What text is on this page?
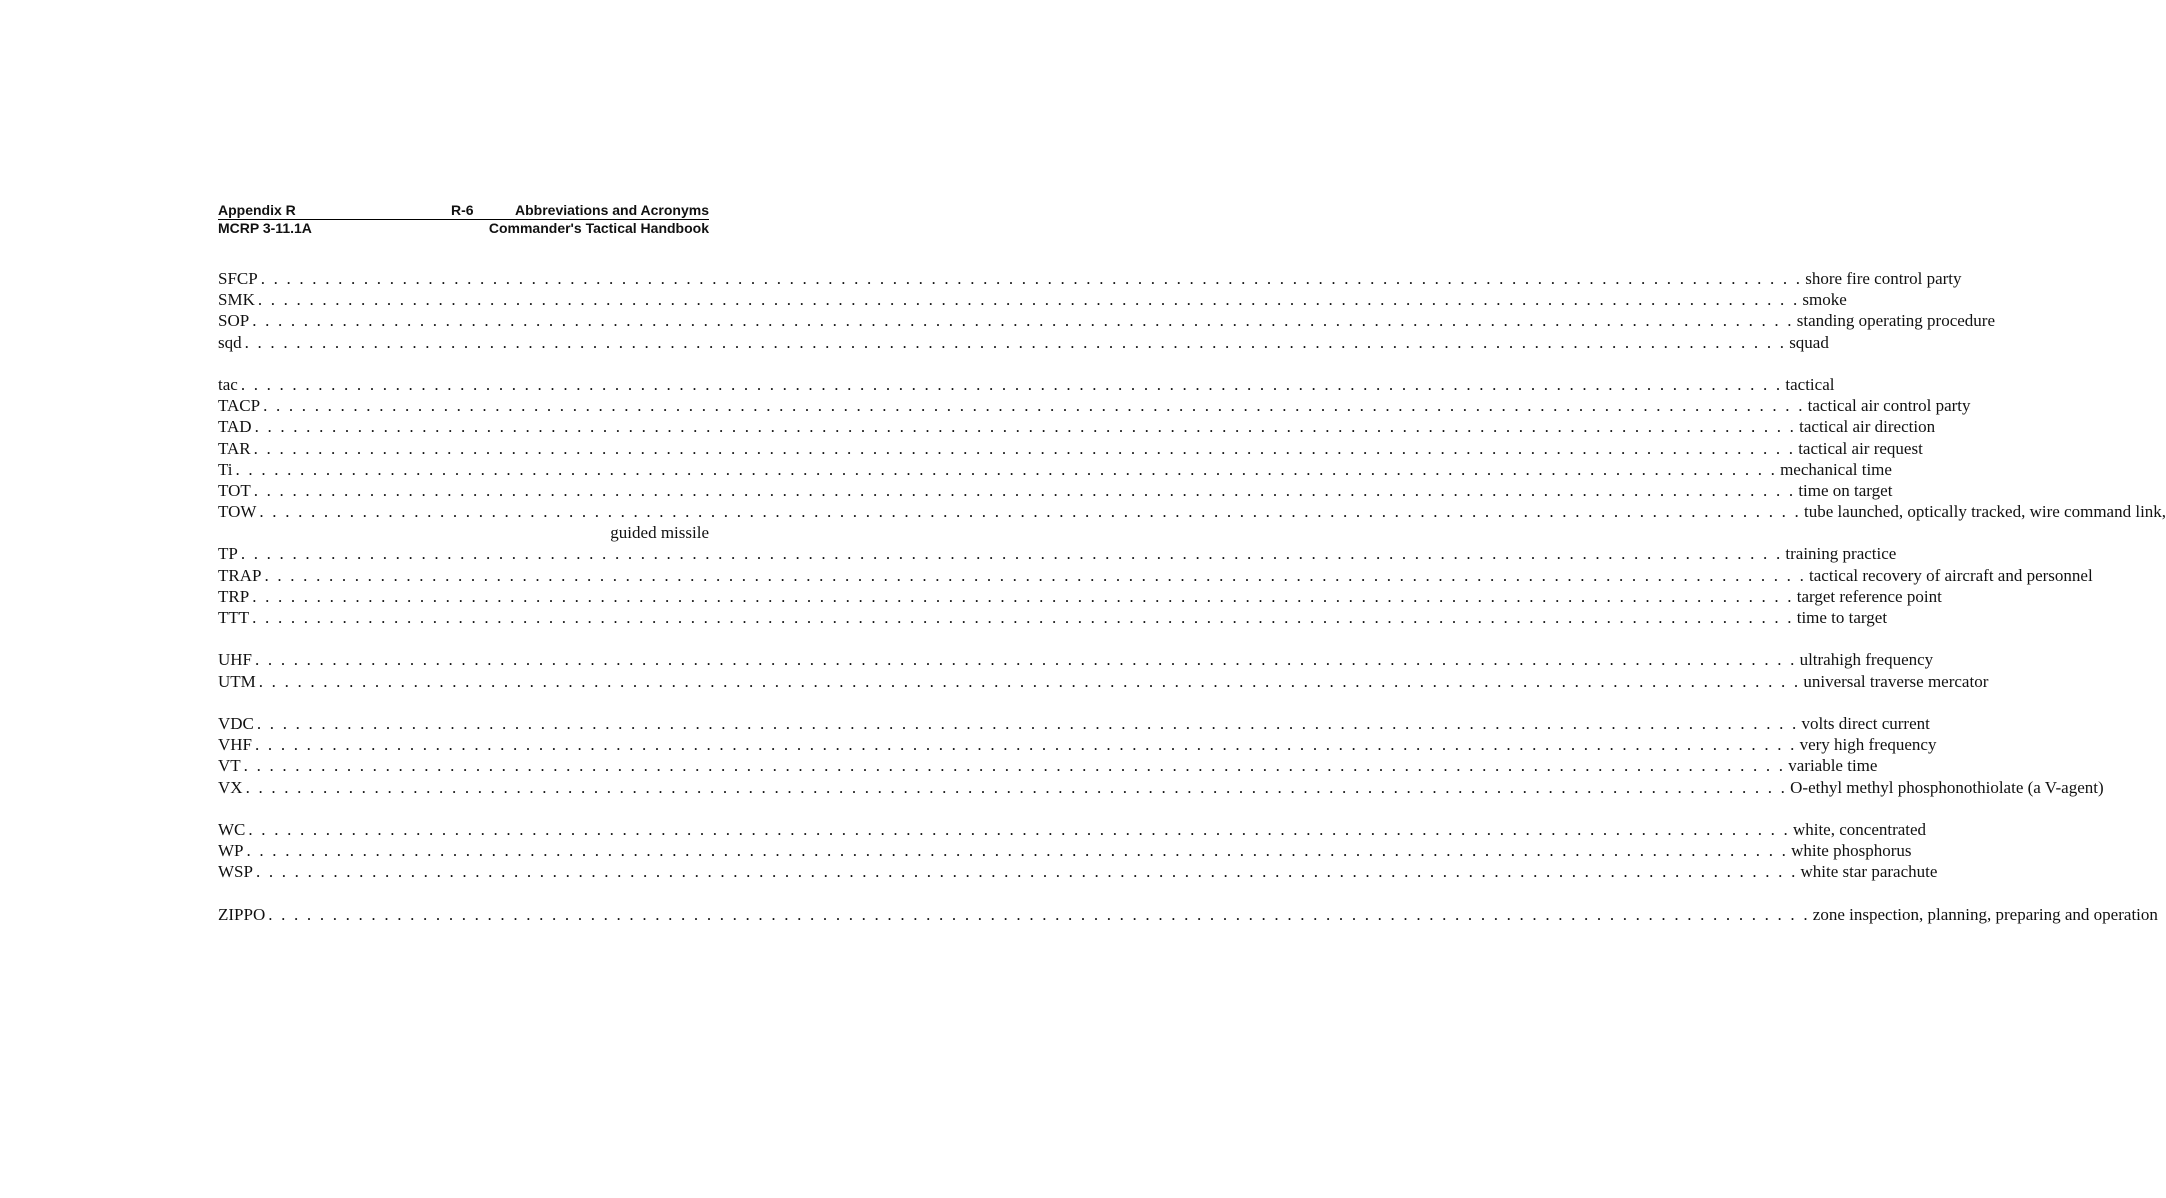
Appendix R	R-6	Abbreviations and Acronyms
MCRP 3-11.1A	Commander's Tactical Handbook
SFCP . . . . . . . . . . . . . . . . . . . . . . . . . . . . . . . . . . . . . . . . . . . . . . . . . . . . . . . . . . . . . . . . . . . . . . . . . . . . . . . . . . . . . . . . . . . . . . . . . . . . . . . . . . . . . . . . . . . . . . . . shore fire control party
SMK . . . . . . . . . . . . . . . . . . . . . . . . . . . . . . . . . . . . . . . . . . . . . . . . . . . . . . . . . . . . . . . . . . . . . . . . . . . . . . . . . . . . . . . . . . . . . . . . . . . . . . . . . . . . . . . . . . . . . . . . smoke
SOP . . . . . . . . . . . . . . . . . . . . . . . . . . . . . . . . . . . . . . . . . . . . . . . . . . . . . . . . . . . . . . . . . . . . . . . . . . . . . . . . . . . . . . . . . . . . . . . . . . . . . . . . . . . . . . . . . . . . . . . . standing operating procedure
sqd . . . . . . . . . . . . . . . . . . . . . . . . . . . . . . . . . . . . . . . . . . . . . . . . . . . . . . . . . . . . . . . . . . . . . . . . . . . . . . . . . . . . . . . . . . . . . . . . . . . . . . . . . . . . . . . . . . . . . . . . squad
tac . . . . . . . . . . . . . . . . . . . . . . . . . . . . . . . . . . . . . . . . . . . . . . . . . . . . . . . . . . . . . . . . . . . . . . . . . . . . . . . . . . . . . . . . . . . . . . . . . . . . . . . . . . . . . . . . . . . . . . . . tactical
TACP . . . . . . . . . . . . . . . . . . . . . . . . . . . . . . . . . . . . . . . . . . . . . . . . . . . . . . . . . . . . . . . . . . . . . . . . . . . . . . . . . . . . . . . . . . . . . . . . . . . . . . . . . . . . . . . . . . . . . . . . tactical air control party
TAD . . . . . . . . . . . . . . . . . . . . . . . . . . . . . . . . . . . . . . . . . . . . . . . . . . . . . . . . . . . . . . . . . . . . . . . . . . . . . . . . . . . . . . . . . . . . . . . . . . . . . . . . . . . . . . . . . . . . . . . . tactical air direction
TAR . . . . . . . . . . . . . . . . . . . . . . . . . . . . . . . . . . . . . . . . . . . . . . . . . . . . . . . . . . . . . . . . . . . . . . . . . . . . . . . . . . . . . . . . . . . . . . . . . . . . . . . . . . . . . . . . . . . . . . . . tactical air request
Ti . . . . . . . . . . . . . . . . . . . . . . . . . . . . . . . . . . . . . . . . . . . . . . . . . . . . . . . . . . . . . . . . . . . . . . . . . . . . . . . . . . . . . . . . . . . . . . . . . . . . . . . . . . . . . . . . . . . . . . . . mechanical time
TOT . . . . . . . . . . . . . . . . . . . . . . . . . . . . . . . . . . . . . . . . . . . . . . . . . . . . . . . . . . . . . . . . . . . . . . . . . . . . . . . . . . . . . . . . . . . . . . . . . . . . . . . . . . . . . . . . . . . . . . . . time on target
TOW . . . . . . . . . . . . . . . . . . . . . . . . . . . . . . . . . . . . . . . . . . . . . . . . . . . . . . . . . . . . . . . . . . . . . . . . . . . . . . . . . . . . . . . . . . . . . . . . . . . . . . . . . . . . . . . . . . . . . . . . tube launched, optically tracked, wire command link,
guided missile
TP . . . . . . . . . . . . . . . . . . . . . . . . . . . . . . . . . . . . . . . . . . . . . . . . . . . . . . . . . . . . . . . . . . . . . . . . . . . . . . . . . . . . . . . . . . . . . . . . . . . . . . . . . . . . . . . . . . . . . . . . training practice
TRAP . . . . . . . . . . . . . . . . . . . . . . . . . . . . . . . . . . . . . . . . . . . . . . . . . . . . . . . . . . . . . . . . . . . . . . . . . . . . . . . . . . . . . . . . . . . . . . . . . . . . . . . . . . . . . . . . . . . . . . . . tactical recovery of aircraft and personnel
TRP . . . . . . . . . . . . . . . . . . . . . . . . . . . . . . . . . . . . . . . . . . . . . . . . . . . . . . . . . . . . . . . . . . . . . . . . . . . . . . . . . . . . . . . . . . . . . . . . . . . . . . . . . . . . . . . . . . . . . . . . target reference point
TTT . . . . . . . . . . . . . . . . . . . . . . . . . . . . . . . . . . . . . . . . . . . . . . . . . . . . . . . . . . . . . . . . . . . . . . . . . . . . . . . . . . . . . . . . . . . . . . . . . . . . . . . . . . . . . . . . . . . . . . . . time to target
UHF . . . . . . . . . . . . . . . . . . . . . . . . . . . . . . . . . . . . . . . . . . . . . . . . . . . . . . . . . . . . . . . . . . . . . . . . . . . . . . . . . . . . . . . . . . . . . . . . . . . . . . . . . . . . . . . . . . . . . . . . ultrahigh frequency
UTM . . . . . . . . . . . . . . . . . . . . . . . . . . . . . . . . . . . . . . . . . . . . . . . . . . . . . . . . . . . . . . . . . . . . . . . . . . . . . . . . . . . . . . . . . . . . . . . . . . . . . . . . . . . . . . . . . . . . . . . . universal traverse mercator
VDC . . . . . . . . . . . . . . . . . . . . . . . . . . . . . . . . . . . . . . . . . . . . . . . . . . . . . . . . . . . . . . . . . . . . . . . . . . . . . . . . . . . . . . . . . . . . . . . . . . . . . . . . . . . . . . . . . . . . . . . . volts direct current
VHF . . . . . . . . . . . . . . . . . . . . . . . . . . . . . . . . . . . . . . . . . . . . . . . . . . . . . . . . . . . . . . . . . . . . . . . . . . . . . . . . . . . . . . . . . . . . . . . . . . . . . . . . . . . . . . . . . . . . . . . . very high frequency
VT . . . . . . . . . . . . . . . . . . . . . . . . . . . . . . . . . . . . . . . . . . . . . . . . . . . . . . . . . . . . . . . . . . . . . . . . . . . . . . . . . . . . . . . . . . . . . . . . . . . . . . . . . . . . . . . . . . . . . . . . variable time
VX . . . . . . . . . . . . . . . . . . . . . . . . . . . . . . . . . . . . . . . . . . . . . . . . . . . . . . . . . . . . . . . . . . . . . . . . . . . . . . . . . . . . . . . . . . . . . . . . . . . . . . . . . . . . . . . . . . . . . . . . O-ethyl methyl phosphonothiolate (a V-agent)
WC . . . . . . . . . . . . . . . . . . . . . . . . . . . . . . . . . . . . . . . . . . . . . . . . . . . . . . . . . . . . . . . . . . . . . . . . . . . . . . . . . . . . . . . . . . . . . . . . . . . . . . . . . . . . . . . . . . . . . . . . white, concentrated
WP . . . . . . . . . . . . . . . . . . . . . . . . . . . . . . . . . . . . . . . . . . . . . . . . . . . . . . . . . . . . . . . . . . . . . . . . . . . . . . . . . . . . . . . . . . . . . . . . . . . . . . . . . . . . . . . . . . . . . . . . white phosphorus
WSP . . . . . . . . . . . . . . . . . . . . . . . . . . . . . . . . . . . . . . . . . . . . . . . . . . . . . . . . . . . . . . . . . . . . . . . . . . . . . . . . . . . . . . . . . . . . . . . . . . . . . . . . . . . . . . . . . . . . . . . . white star parachute
ZIPPO . . . . . . . . . . . . . . . . . . . . . . . . . . . . . . . . . . . . . . . . . . . . . . . . . . . . . . . . . . . . . . . . . . . . . . . . . . . . . . . . . . . . . . . . . . . . . . . . . . . . . . . . . . . . . . . . . . . . . . . . zone inspection, planning, preparing and operation
